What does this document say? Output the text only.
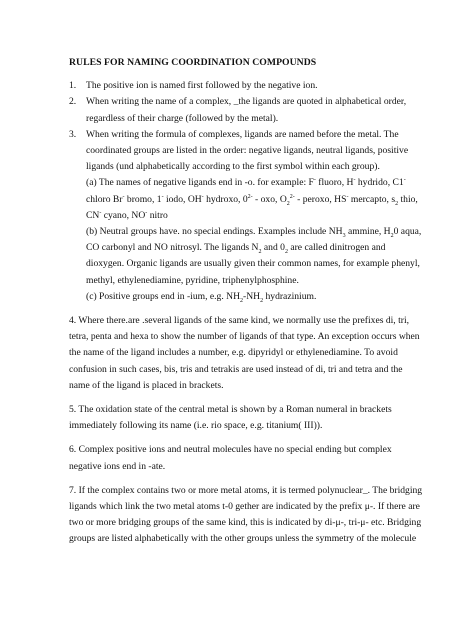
RULES FOR NAMING COORDINATION COMPOUNDS

1.	The positive ion is named first followed by the negative ion.
2.	When writing the name of a complex, _the ligands are quoted in alphabetical order, regardless of their charge (followed by the metal).
3.	When writing the formula of complexes, ligands are named before the metal. The coordinated groups are listed in the order: negative ligands, neutral ligands, positive ligands (und alphabetically according to the first symbol within each group).

(a) The names of negative ligands end in -o. for example: F- fluoro, H- hydrido, C1-
chloro Br- bromo, 1- iodo, OH- hydroxo, $0^{2-}$ - oxo, $O_2^{2-}$ - peroxo, HS- mercapto, $s_2$ thio,
CN- cyano, NO- nitro

(b) Neutral groups have. no special endings. Examples include $NH_3$ ammine, $H_20$ aqua, CO carbonyl and NO nitrosyl. The ligands $N_2$ and $0_2$ are called dinitrogen and dioxygen. Organic ligands are usually given their common names, for example phenyl, methyl, ethylenediamine, pyridine, triphenylphosphine.

(c) Positive groups end in -ium, e.g. $NH_2-NH_2$ hydrazinium.

4. Where there.are .several ligands of the same kind, we normally use the prefixes di, tri, tetra, penta and hexa to show the number of ligands of that type. An exception occurs when the name of the ligand includes a number, e.g. dipyridyl or ethylenediamine. To avoid confusion in such cases, bis, tris and tetrakis are used instead of di, tri and tetra and the name of the ligand is placed in brackets.

5. The oxidation state of the central metal is shown by a Roman numeral in brackets immediately following its name (i.e. rio space, e.g. titanium( III)).

6. Complex positive ions and neutral molecules have no special ending but complex negative ions end in -ate.

7. If the complex contains two or more metal atoms, it is termed polynuclear_. The bridging ligands which link the two metal atoms t-0 gether are indicated by the prefix μ-. If there are two or more bridging groups of the same kind, this is indicated by di-μ-, tri-μ- etc. Bridging groups are listed alphabetically with the other groups unless the symmetry of the molecule
